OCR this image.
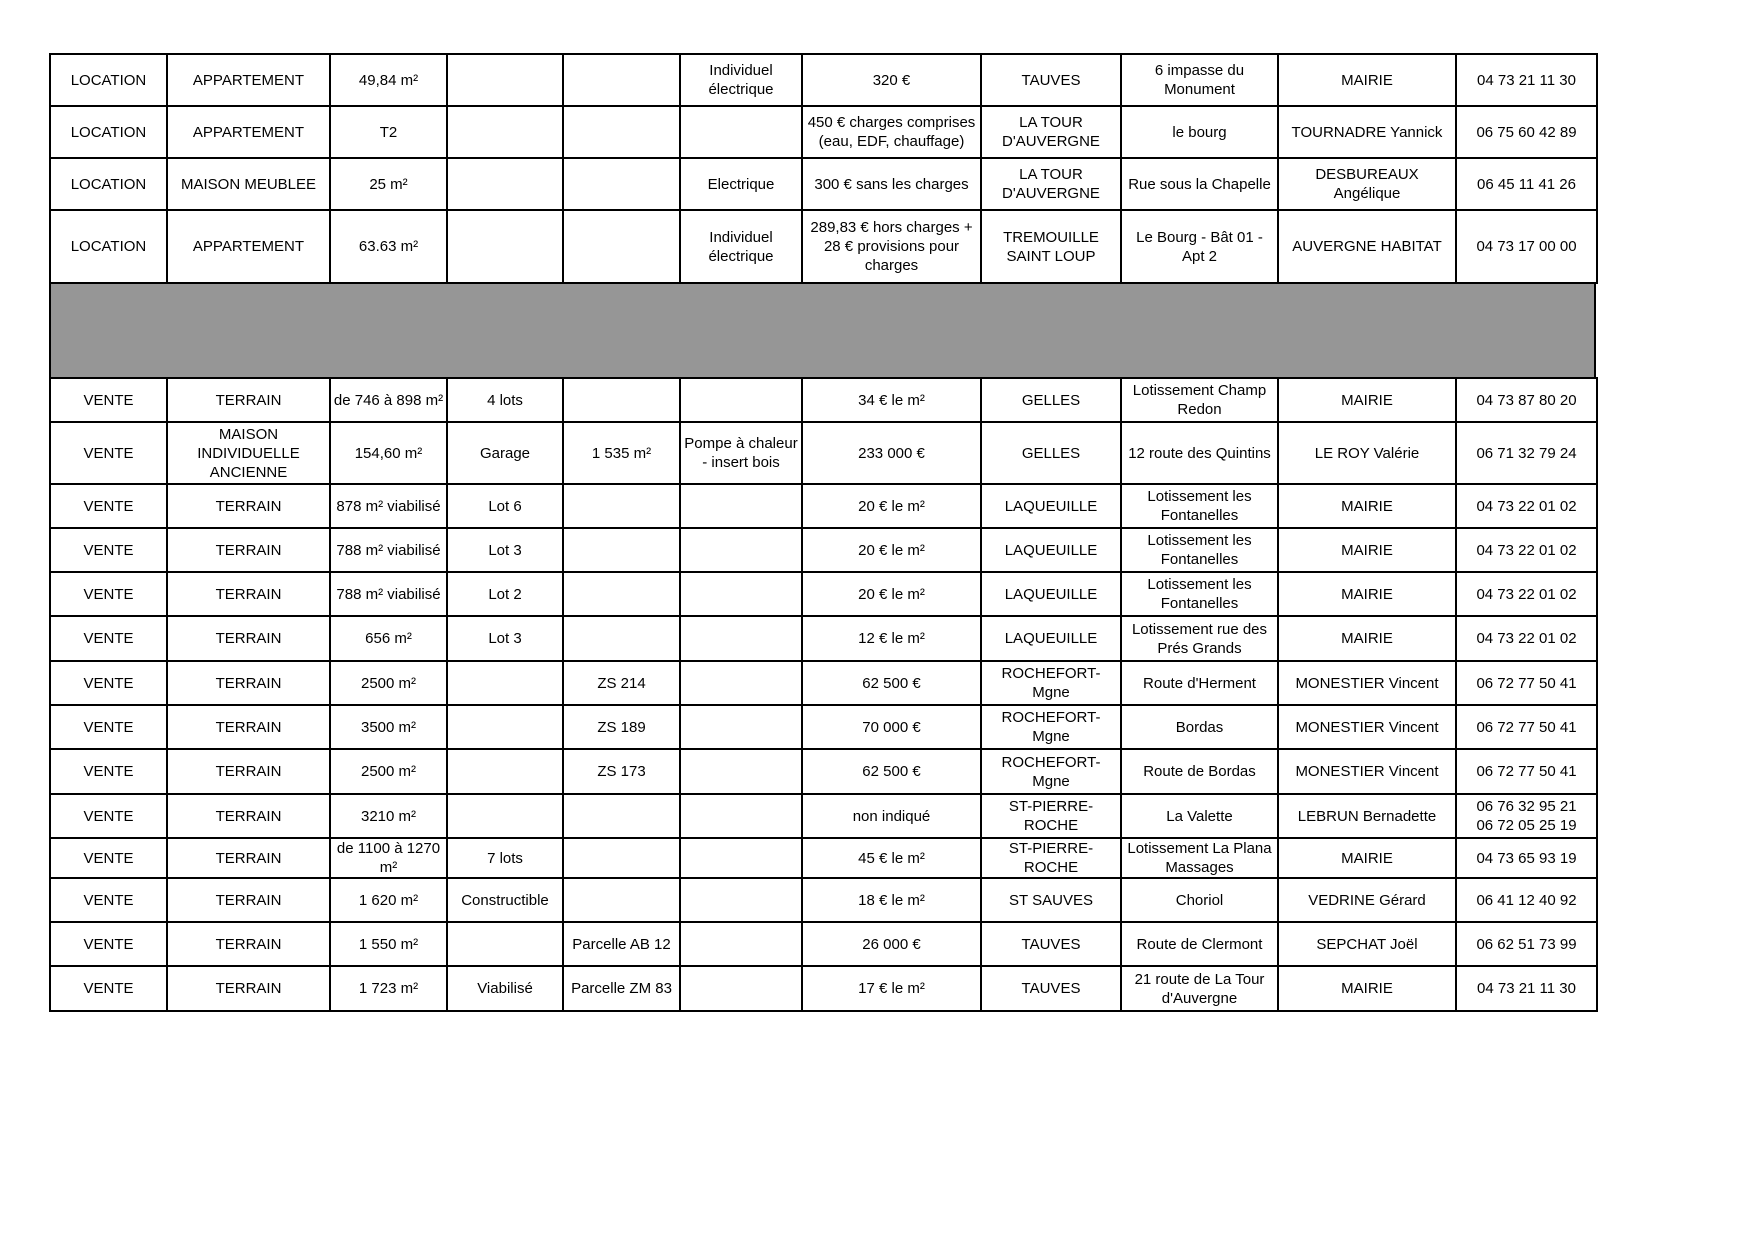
LOCATION	APPARTEMENT	49,84 m²			Individuel
électrique	320 €	TAUVES	6 impasse du
Monument	MAIRIE	04 73 21 11 30
LOCATION	APPARTEMENT	T2				450 € charges comprises
(eau, EDF, chauffage)	LA TOUR
D'AUVERGNE	le bourg	TOURNADRE Yannick	06 75 60 42 89
LOCATION	MAISON MEUBLEE	25 m²			Electrique	300 € sans les charges	LA TOUR
D'AUVERGNE	Rue sous la Chapelle	DESBUREAUX
Angélique	06 45 11 41 26
LOCATION	APPARTEMENT	63.63 m²			Individuel
électrique	289,83 € hors charges +
28 € provisions pour
charges	TREMOUILLE
SAINT LOUP	Le Bourg - Bât 01 -
Apt 2	AUVERGNE HABITAT	04 73 17 00 00
VENTE	TERRAIN	de 746 à 898 m²	4 lots			34 € le m²	GELLES	Lotissement Champ
Redon	MAIRIE	04 73 87 80 20
VENTE	MAISON
INDIVIDUELLE
ANCIENNE	154,60 m²	Garage	1 535 m²	Pompe à chaleur
- insert bois	233 000 €	GELLES	12 route des Quintins	LE ROY Valérie	06 71 32 79 24
VENTE	TERRAIN	878 m² viabilisé	Lot 6			20 € le m²	LAQUEUILLE	Lotissement les
Fontanelles	MAIRIE	04 73 22 01 02
VENTE	TERRAIN	788 m² viabilisé	Lot 3			20 € le m²	LAQUEUILLE	Lotissement les
Fontanelles	MAIRIE	04 73 22 01 02
VENTE	TERRAIN	788 m² viabilisé	Lot 2			20 € le m²	LAQUEUILLE	Lotissement les
Fontanelles	MAIRIE	04 73 22 01 02
VENTE	TERRAIN	656 m²	Lot 3			12 € le m²	LAQUEUILLE	Lotissement rue des
Prés Grands	MAIRIE	04 73 22 01 02
VENTE	TERRAIN	2500 m²		ZS 214		62 500 €	ROCHEFORT-
Mgne	Route d'Herment	MONESTIER Vincent	06 72 77 50 41
VENTE	TERRAIN	3500 m²		ZS 189		70 000 €	ROCHEFORT-
Mgne	Bordas	MONESTIER Vincent	06 72 77 50 41
VENTE	TERRAIN	2500 m²		ZS 173		62 500 €	ROCHEFORT-
Mgne	Route de Bordas	MONESTIER Vincent	06 72 77 50 41
VENTE	TERRAIN	3210 m²				non indiqué	ST-PIERRE-
ROCHE	La Valette	LEBRUN Bernadette	06 76 32 95 21
06 72 05 25 19
VENTE	TERRAIN	de 1100 à 1270
m²	7 lots			45 € le m²	ST-PIERRE-
ROCHE	Lotissement La Plana
Massages	MAIRIE	04 73 65 93 19
VENTE	TERRAIN	1 620 m²	Constructible			18 € le m²	ST SAUVES	Choriol	VEDRINE Gérard	06 41 12 40 92
VENTE	TERRAIN	1 550 m²		Parcelle AB 12		26 000 €	TAUVES	Route de Clermont	SEPCHAT Joël	06 62 51 73 99
VENTE	TERRAIN	1 723 m²	Viabilisé	Parcelle ZM 83		17 € le m²	TAUVES	21 route de La Tour
d'Auvergne	MAIRIE	04 73 21 11 30
